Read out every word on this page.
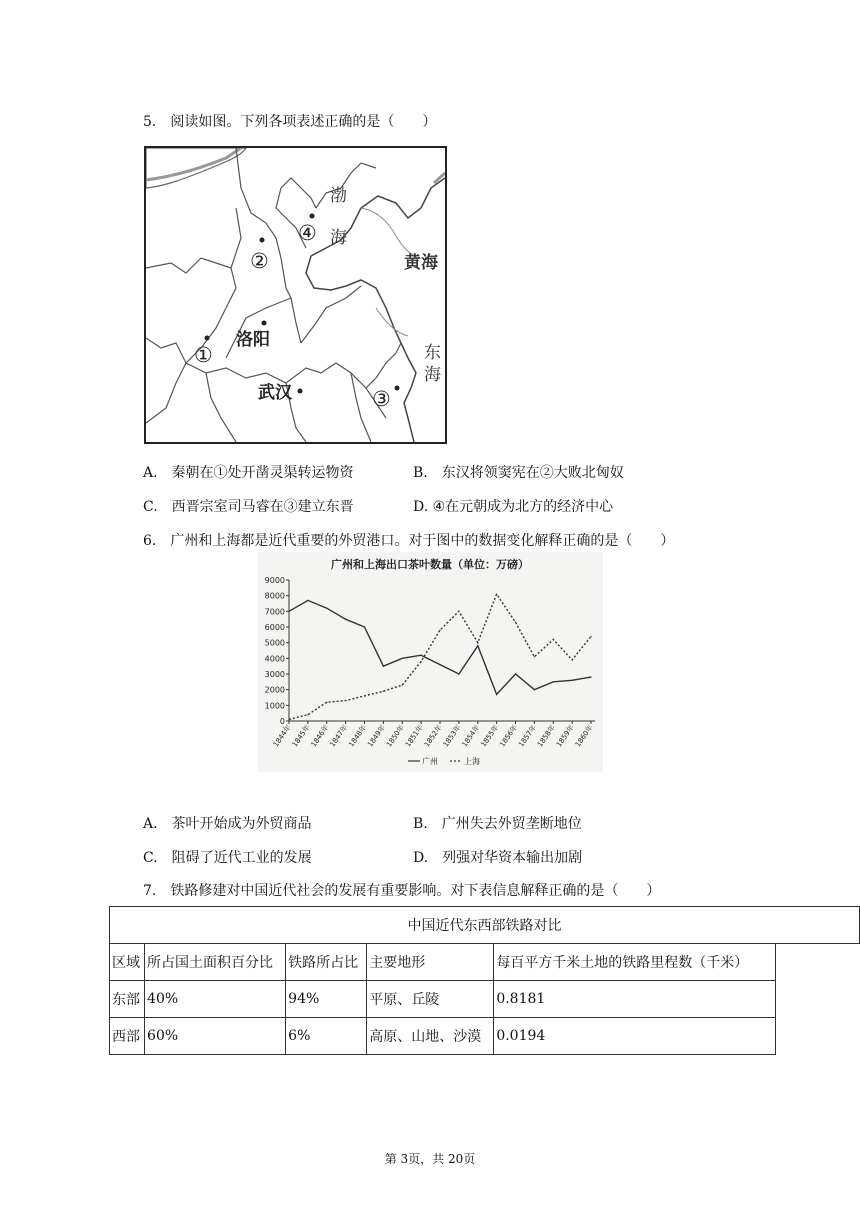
5.　阅读如图。下列各项表述正确的是（　　）
渤
海
黄海
东
海
洛阳
武汉
①
②
③
④
A.　秦朝在①处开凿灵渠转运物资	B.　东汉将领窦宪在②大败北匈奴
C.　西晋宗室司马睿在③建立东晋	D. ④在元朝成为北方的经济中心
6.　广州和上海都是近代重要的外贸港口。对于图中的数据变化解释正确的是（　　）
广州和上海出口茶叶数量（单位：万磅）
0
1000
2000
3000
4000
5000
6000
7000
8000
9000
1844年
1845年
1846年
1847年
1848年
1849年
1850年
1851年
1852年
1853年
1854年
1855年
1856年
1857年
1858年
1859年
1860年
广州	上海
A.　茶叶开始成为外贸商品	B.　广州失去外贸垄断地位
C.　阻碍了近代工业的发展	D.　列强对华资本输出加剧
7.　铁路修建对中国近代社会的发展有重要影响。对下表信息解释正确的是（　　）
中国近代东西部铁路对比					
区域	所占国土面积百分比	铁路所占比	主要地形	每百平方千米土地的铁路里程数（千米）	
东部	40%	94%	平原、丘陵	0.8181	
西部	60%	6%	高原、山地、沙漠	0.0194	
第 3页，共 20页
